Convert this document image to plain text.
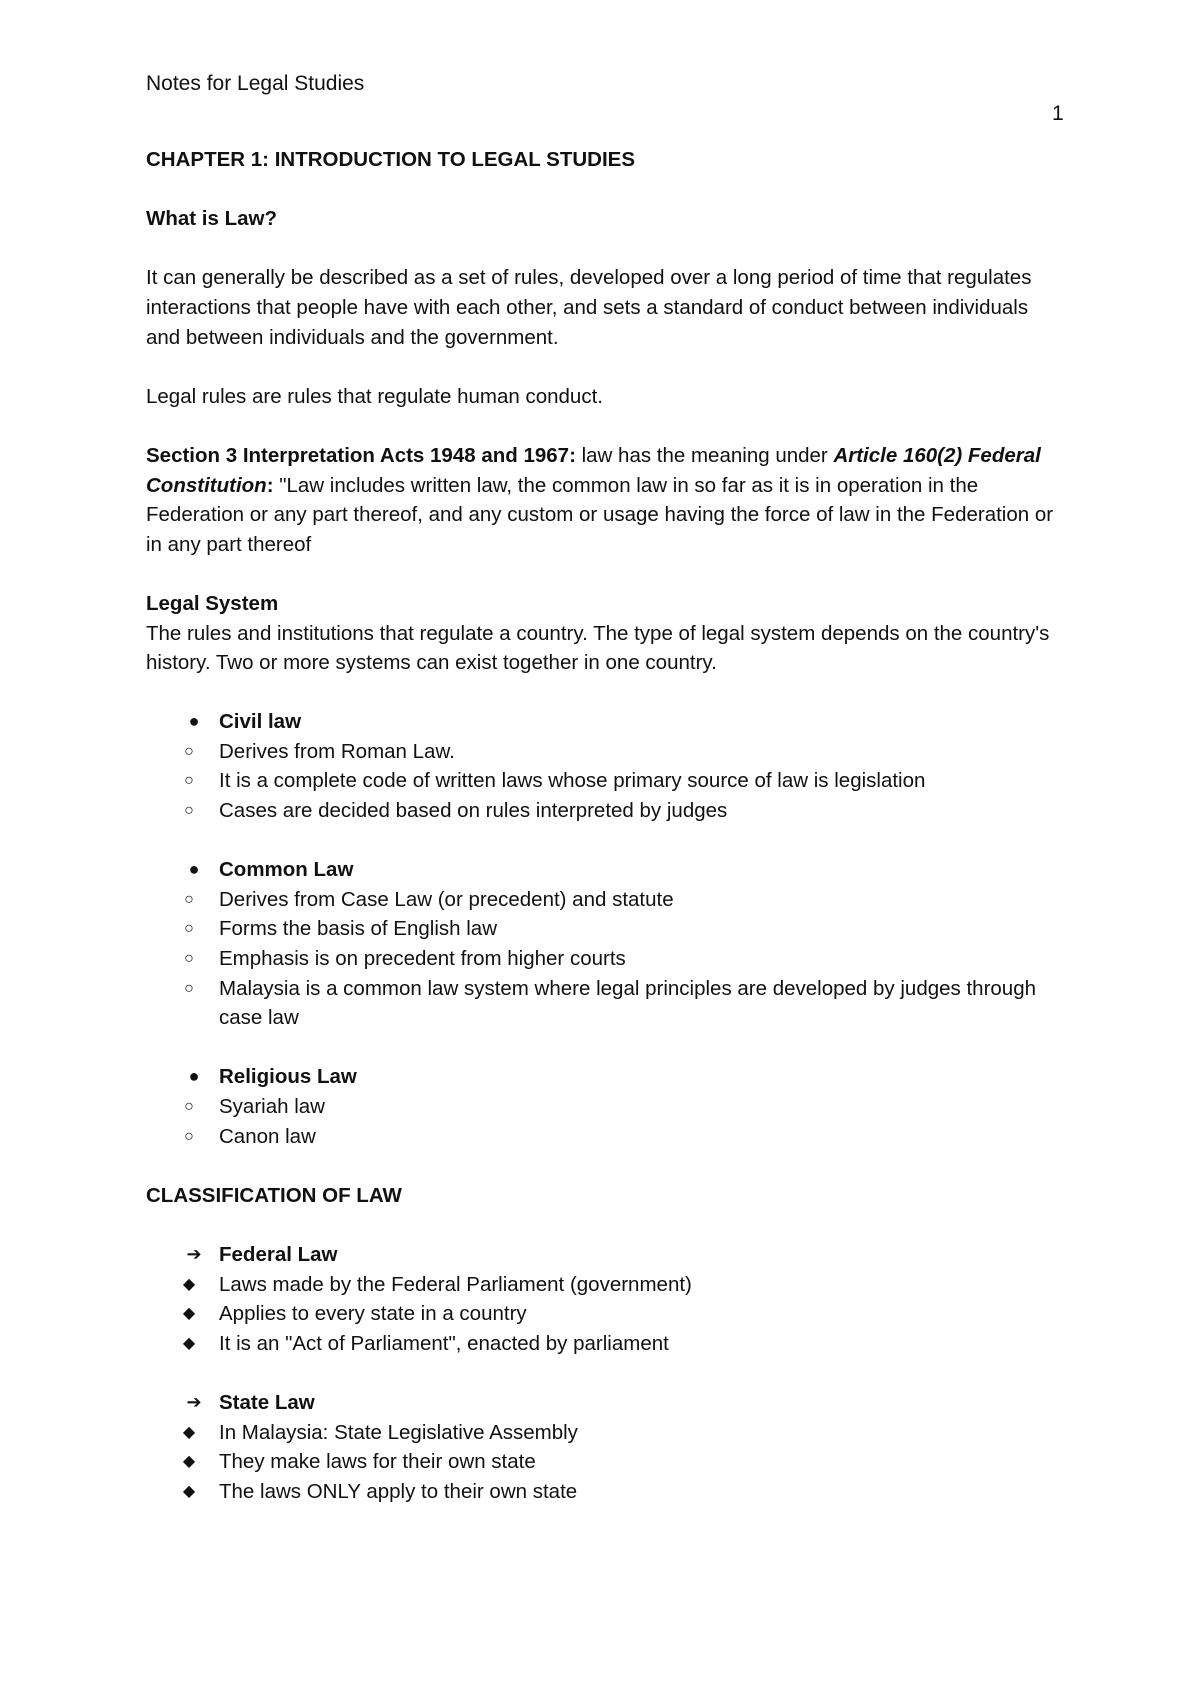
Notes for Legal Studies

1

CHAPTER 1: INTRODUCTION TO LEGAL STUDIES

What is Law?

It can generally be described as a set of rules, developed over a long period of time that regulates interactions that people have with each other, and sets a standard of conduct between individuals and between individuals and the government.

Legal rules are rules that regulate human conduct.

Section 3 Interpretation Acts 1948 and 1967: law has the meaning under Article 160(2) Federal Constitution: "Law includes written law, the common law in so far as it is in operation in the Federation or any part thereof, and any custom or usage having the force of law in the Federation or in any part thereof

Legal System

The rules and institutions that regulate a country. The type of legal system depends on the country's history. Two or more systems can exist together in one country.

● Civil law
○ Derives from Roman Law.
○ It is a complete code of written laws whose primary source of law is legislation
○ Cases are decided based on rules interpreted by judges
● Common Law
○ Derives from Case Law (or precedent) and statute
○ Forms the basis of English law
○ Emphasis is on precedent from higher courts
○ Malaysia is a common law system where legal principles are developed by judges through case law
● Religious Law
○ Syariah law
○ Canon law

CLASSIFICATION OF LAW

➔ Federal Law
◆ Laws made by the Federal Parliament (government)
◆ Applies to every state in a country
◆ It is an "Act of Parliament", enacted by parliament
➔ State Law
◆ In Malaysia: State Legislative Assembly
◆ They make laws for their own state
◆ The laws ONLY apply to their own state
